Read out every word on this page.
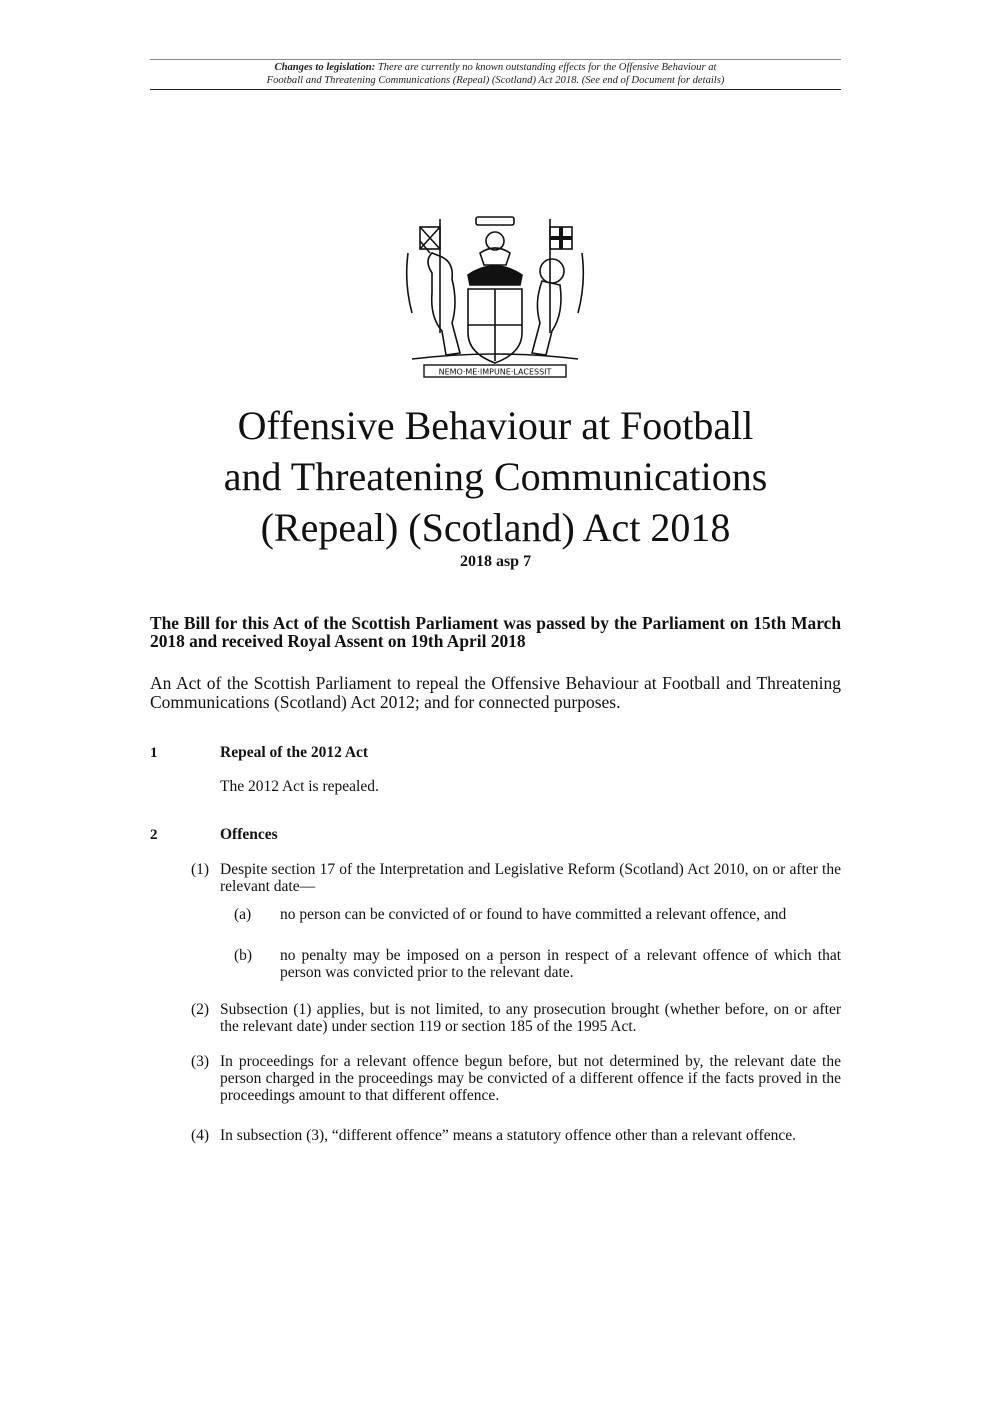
Changes to legislation: There are currently no known outstanding effects for the Offensive Behaviour at
Football and Threatening Communications (Repeal) (Scotland) Act 2018. (See end of Document for details)
NEMO·ME·IMPUNE·LACESSIT
Offensive Behaviour at Football
and Threatening Communications
(Repeal) (Scotland) Act 2018
2018 asp 7
The Bill for this Act of the Scottish Parliament was passed by the Parliament on 15th March 2018 and received Royal Assent on 19th April 2018
An Act of the Scottish Parliament to repeal the Offensive Behaviour at Football and Threatening Communications (Scotland) Act 2012; and for connected purposes.
1	Repeal of the 2012 Act
The 2012 Act is repealed.
2	Offences
(1) Despite section 17 of the Interpretation and Legislative Reform (Scotland) Act 2010, on or after the relevant date—
(a) no person can be convicted of or found to have committed a relevant offence, and
(b) no penalty may be imposed on a person in respect of a relevant offence of which that person was convicted prior to the relevant date.
(2) Subsection (1) applies, but is not limited, to any prosecution brought (whether before, on or after the relevant date) under section 119 or section 185 of the 1995 Act.
(3) In proceedings for a relevant offence begun before, but not determined by, the relevant date the person charged in the proceedings may be convicted of a different offence if the facts proved in the proceedings amount to that different offence.
(4) In subsection (3), “different offence” means a statutory offence other than a relevant offence.
